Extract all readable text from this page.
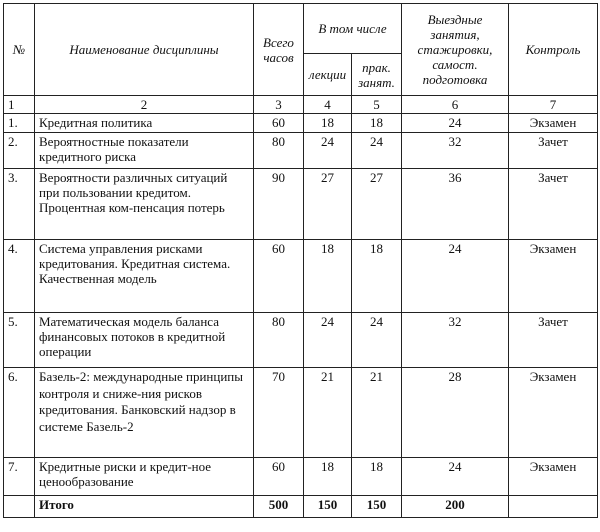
№	Наименование дисциплины	Всего часов	В том числе		Выездные занятия, стажировки, самост. подготовка	Контроль
			лекции	прак. занят.		
1	2	3	4	5	6	7
1.	Кредитная политика	60	18	18	24	Экзамен
2.	Вероятностные показатели кредитного риска	80	24	24	32	Зачет
3.	Вероятности различных ситуаций при пользовании кредитом. Процентная ком-пенсация потерь	90	27	27	36	Зачет
4.	Система управления рисками кредитования. Кредитная система. Качественная модель	60	18	18	24	Экзамен
5.	Математическая модель баланса финансовых потоков в кредитной операции	80	24	24	32	Зачет
6.	Базель-2: международные принципы контроля и сниже-ния рисков кредитования. Банковский надзор в системе Базель-2	70	21	21	28	Экзамен
7.	Кредитные риски и кредит-ное ценообразование	60	18	18	24	Экзамен
	Итого	500	150	150	200	
